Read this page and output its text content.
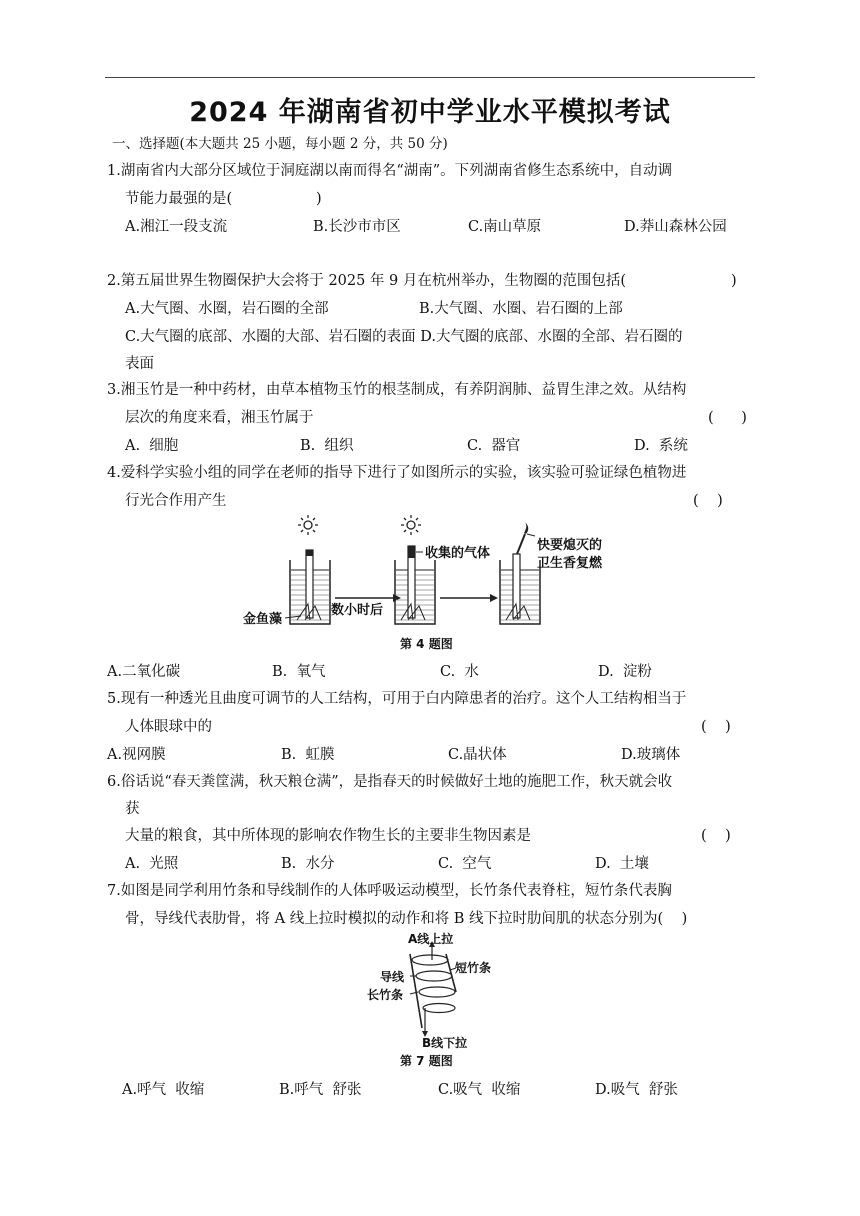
2024 年湖南省初中学业水平模拟考试
一、选择题(本大题共 25 小题，每小题 2 分，共 50 分)
1.湖南省内大部分区域位于洞庭湖以南而得名“湖南”。下列湖南省修生态系统中，自动调
节能力最强的是(	)
A.湘江一段支流	B.长沙市市区	C.南山草原	D.莽山森林公园
2.第五届世界生物圈保护大会将于 2025 年 9 月在杭州举办，生物圈的范围包括(	)
A.大气圈、水圈，岩石圈的全部	B.大气圈、水圈、岩石圈的上部
C.大气圈的底部、水圈的大部、岩石圈的表面 D.大气圈的底部、水圈的全部、岩石圈的
表面
3.湘玉竹是一种中药材，由草本植物玉竹的根茎制成，有养阴润肺、益胃生津之效。从结构
层次的角度来看，湘玉竹属于	(      )
A.  细胞	B.  组织	C.  器官	D.  系统
4.爱科学实验小组的同学在老师的指导下进行了如图所示的实验，该实验可验证绿色植物进
行光合作用产生	(    )
收集的气体
快要熄灭的
卫生香复燃
金鱼藻
数小时后
第 4 题图
A.二氧化碳	B.  氧气	C.  水	D.  淀粉
5.现有一种透光且曲度可调节的人工结构，可用于白内障患者的治疗。这个人工结构相当于
人体眼球中的	(    )
A.视网膜	B.  虹膜	C.晶状体	D.玻璃体
6.俗话说“春天粪筐满，秋天粮仓满”，是指春天的时候做好土地的施肥工作，秋天就会收
获
大量的粮食，其中所体现的影响农作物生长的主要非生物因素是	(    )
A.  光照	B.  水分	C.  空气	D.  土壤
7.如图是同学利用竹条和导线制作的人体呼吸运动模型，长竹条代表脊柱，短竹条代表胸
骨，导线代表肋骨，将 A 线上拉时模拟的动作和将 B 线下拉时肋间肌的状态分别为(    )
A线上拉
短竹条
导线
长竹条
B线下拉
第 7 题图
A.呼气  收缩	B.呼气  舒张	C.吸气  收缩	D.吸气  舒张
